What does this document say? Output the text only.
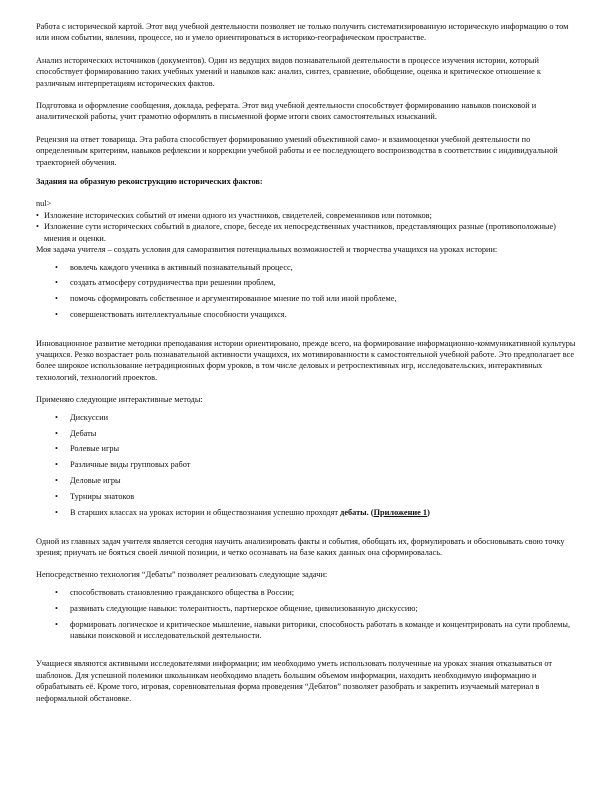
Работа с исторической картой. Этот вид учебной деятельности позволяет не только получить систематизированную историческую информацию о том или ином событии, явлении, процессе, но и умело ориентироваться в историко-географическом пространстве.

Анализ исторических источников (документов). Один из ведущих видов познавательной деятельности в процессе изучения истории, который способствует формированию таких учебных умений и навыков как: анализ, синтез, сравнение, обобщение, оценка и критическое отношение к различным интерпретациям исторических фактов.

Подготовка и оформление сообщения, доклада, реферата. Этот вид учебной деятельности способствует формированию навыков поисковой и аналитической работы, учит грамотно оформлять в письменной форме итоги своих самостоятельных изысканий.

Рецензия на ответ товарища. Эта работа способствует формированию умений объективной само- и взаимооценки учебной деятельности по определенным критериям, навыков рефлексии и коррекции учебной работы и ее последующего воспроизводства в соответствии с индивидуальной траекторией обучения.

Задания на образную реконструкцию исторических фактов:

nul>

• Изложение исторических событий от имени одного из участников, свидетелей, современников или потомков;
• Изложение сути исторических событий в диалоге, споре, беседе их непосредственных участников, представляющих разные (противоположные) мнения и оценки.

Моя задача учителя – создать условия для саморазвития потенциальных возможностей и творчества учащихся на уроках истории:

• вовлечь каждого ученика в активный познавательный процесс,
• создать атмосферу сотрудничества при решении проблем,
• помочь сформировать собственное и аргументированное мнение по той или иной проблеме,
• совершенствовать интеллектуальные способности учащихся.

Инновационное развитие методики преподавания истории ориентировано, прежде всего, на формирование информационно-коммуникативной культуры учащихся. Резко возрастает роль познавательной активности учащихся, их мотивированности к самостоятельной учебной работе. Это предполагает все более широкое использование нетрадиционных форм уроков, в том числе деловых и ретроспективных игр, исследовательских, интерактивных технологий, технологий проектов.

Применяю следующие интерактивные методы:

• Дискуссии
• Дебаты
• Ролевые игры
• Различные виды групповых работ
• Деловые игры
• Турниры знатоков
• В старших классах на уроках истории и обществознания успешно проходят дебаты. (Приложение 1)

Одной из главных задач учителя является сегодня научить анализировать факты и события, обобщать их, формулировать и обосновывать свою точку зрения; приучать не бояться своей личной позиции, и четко осознавать на базе каких данных она сформировалась.

Непосредственно технология “Дебаты” позволяет реализовать следующие задачи:

• способствовать становлению гражданского общества в России;
• развивать следующие навыки: толерантность, партнерское общение, цивилизованную дискуссию;
• формировать логическое и критическое мышление, навыки риторики, способность работать в команде и концентрировать на сути проблемы, навыки поисковой и исследовательской деятельности.

Учащиеся являются активными исследователями информации; им необходимо уметь использовать полученные на уроках знания отказываться от шаблонов. Для успешной полемики школьникам необходимо владеть большим объемом информации, находить необходимую информацию и обрабатывать её. Кроме того, игровая, соревновательная форма проведения “Дебатов” позволяет разобрать и закрепить изучаемый материал в неформальной обстановке.
